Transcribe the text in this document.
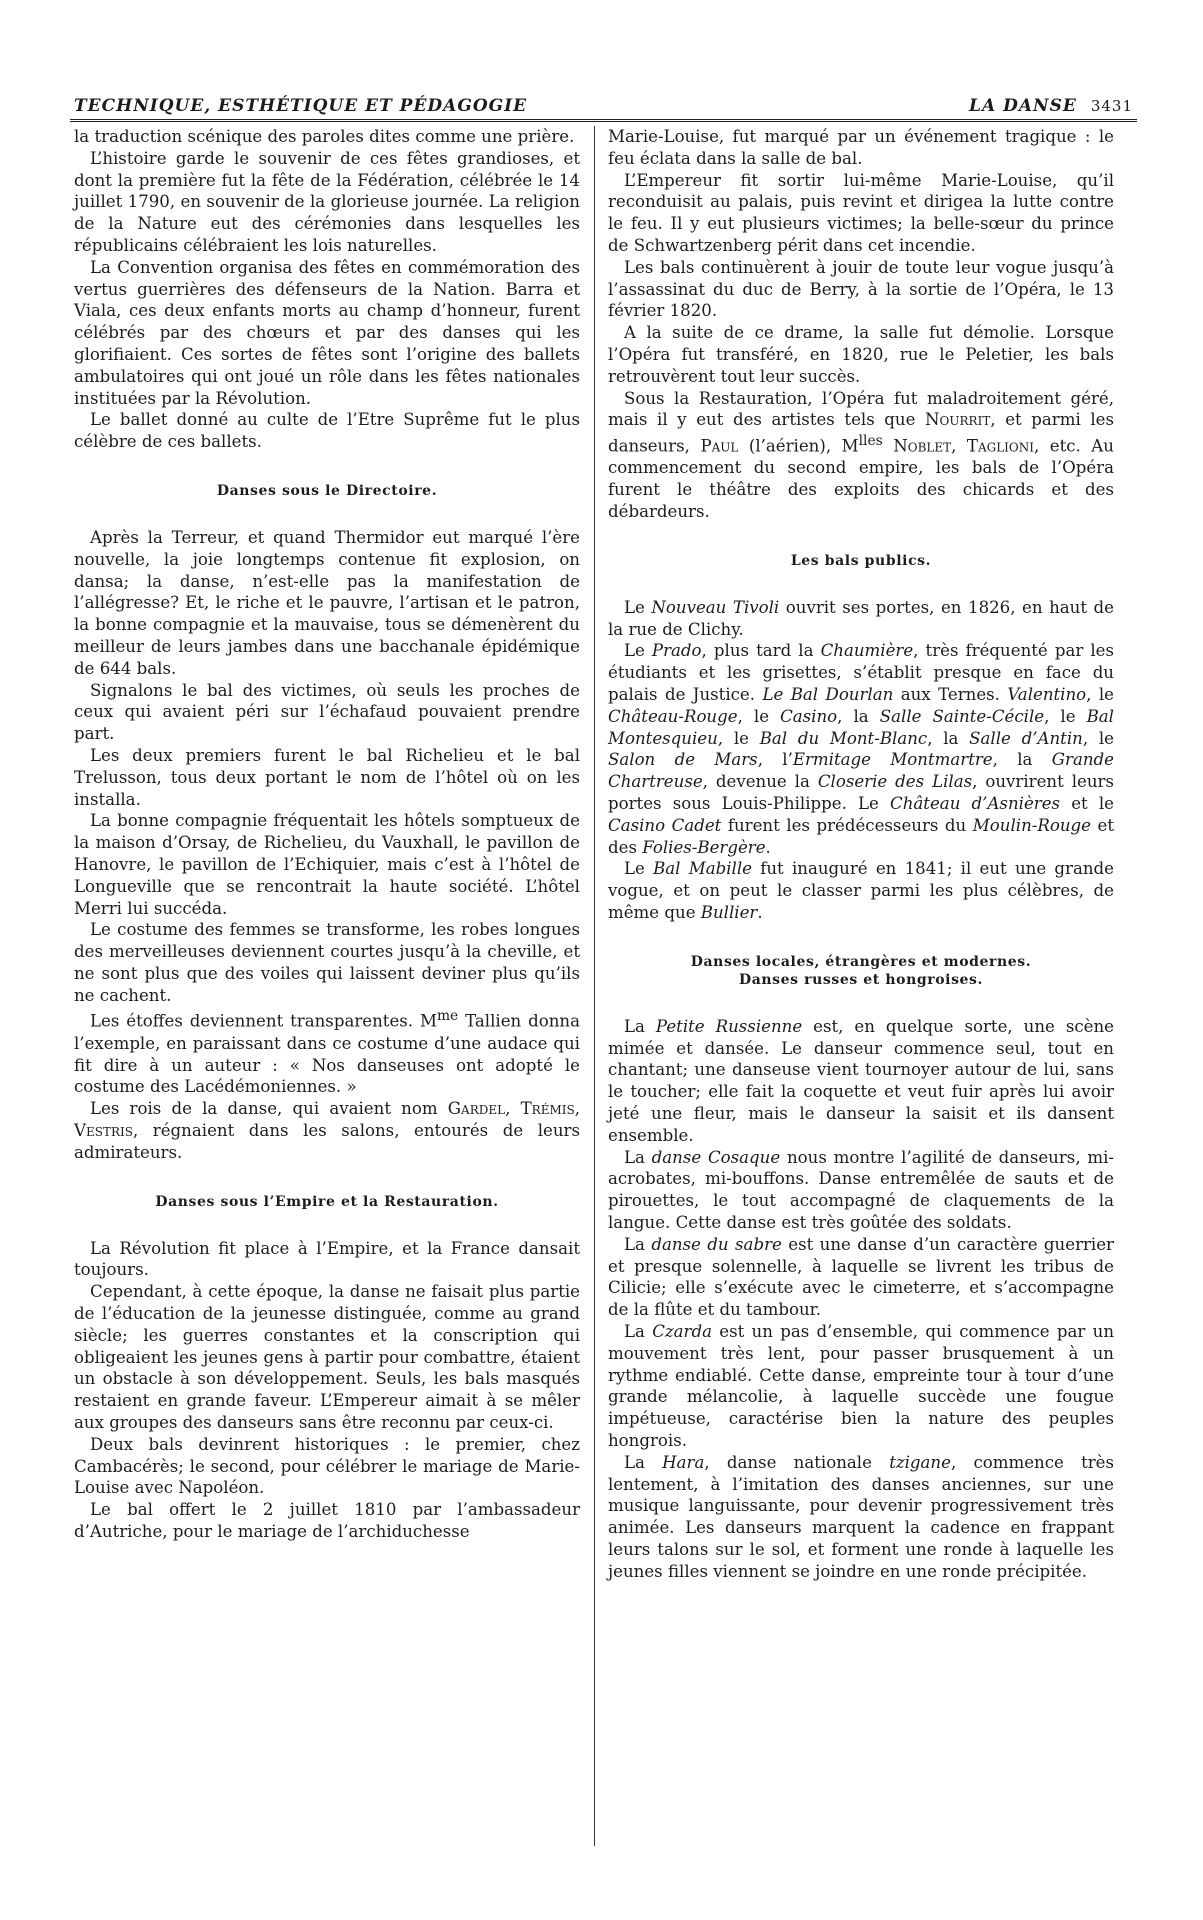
TECHNIQUE, ESTHÉTIQUE ET PÉDAGOGIE	LA DANSE 3431

la traduction scénique des paroles dites comme une prière.

L’histoire garde le souvenir de ces fêtes grandioses, et dont la première fut la fête de la Fédération, célébrée le 14 juillet 1790, en souvenir de la glorieuse journée. La religion de la Nature eut des cérémonies dans lesquelles les républicains célébraient les lois naturelles.

La Convention organisa des fêtes en commémoration des vertus guerrières des défenseurs de la Nation. Barra et Viala, ces deux enfants morts au champ d’honneur, furent célébrés par des chœurs et par des danses qui les glorifiaient. Ces sortes de fêtes sont l’origine des ballets ambulatoires qui ont joué un rôle dans les fêtes nationales instituées par la Révolution.

Le ballet donné au culte de l’Etre Suprême fut le plus célèbre de ces ballets.

Danses sous le Directoire.

Après la Terreur, et quand Thermidor eut marqué l’ère nouvelle, la joie longtemps contenue fit explosion, on dansa; la danse, n’est-elle pas la manifestation de l’allégresse? Et, le riche et le pauvre, l’artisan et le patron, la bonne compagnie et la mauvaise, tous se démenèrent du meilleur de leurs jambes dans une bacchanale épidémique de 644 bals.

Signalons le bal des victimes, où seuls les proches de ceux qui avaient péri sur l’échafaud pouvaient prendre part.

Les deux premiers furent le bal Richelieu et le bal Trelusson, tous deux portant le nom de l’hôtel où on les installa.

La bonne compagnie fréquentait les hôtels somptueux de la maison d’Orsay, de Richelieu, du Vauxhall, le pavillon de Hanovre, le pavillon de l’Echiquier, mais c’est à l’hôtel de Longueville que se rencontrait la haute société. L’hôtel Merri lui succéda.

Le costume des femmes se transforme, les robes longues des merveilleuses deviennent courtes jusqu’à la cheville, et ne sont plus que des voiles qui laissent deviner plus qu’ils ne cachent.

Les étoffes deviennent transparentes. $M^{me}$ Tallien donna l’exemple, en paraissant dans ce costume d’une audace qui fit dire à un auteur : « Nos danseuses ont adopté le costume des Lacédémoniennes. »

Les rois de la danse, qui avaient nom Gardel, Trémis, Vestris, régnaient dans les salons, entourés de leurs admirateurs.

Danses sous l’Empire et la Restauration.

La Révolution fit place à l’Empire, et la France dansait toujours.

Cependant, à cette époque, la danse ne faisait plus partie de l’éducation de la jeunesse distinguée, comme au grand siècle; les guerres constantes et la conscription qui obligeaient les jeunes gens à partir pour combattre, étaient un obstacle à son développement. Seuls, les bals masqués restaient en grande faveur. L’Empereur aimait à se mêler aux groupes des danseurs sans être reconnu par ceux-ci.

Deux bals devinrent historiques : le premier, chez Cambacérès; le second, pour célébrer le mariage de Marie-Louise avec Napoléon.

Le bal offert le 2 juillet 1810 par l’ambassadeur d’Autriche, pour le mariage de l’archiduchesse

Marie-Louise, fut marqué par un événement tragique : le feu éclata dans la salle de bal.

L’Empereur fit sortir lui-même Marie-Louise, qu’il reconduisit au palais, puis revint et dirigea la lutte contre le feu. Il y eut plusieurs victimes; la belle-sœur du prince de Schwartzenberg périt dans cet incendie.

Les bals continuèrent à jouir de toute leur vogue jusqu’à l’assassinat du duc de Berry, à la sortie de l’Opéra, le 13 février 1820.

A la suite de ce drame, la salle fut démolie. Lorsque l’Opéra fut transféré, en 1820, rue le Peletier, les bals retrouvèrent tout leur succès.

Sous la Restauration, l’Opéra fut maladroitement géré, mais il y eut des artistes tels que Nourrit, et parmi les danseurs, Paul (l’aérien), $M^{lles}$ Noblet, Taglioni, etc. Au commencement du second empire, les bals de l’Opéra furent le théâtre des exploits des chicards et des débardeurs.

Les bals publics.

Le Nouveau Tivoli ouvrit ses portes, en 1826, en haut de la rue de Clichy.

Le Prado, plus tard la Chaumière, très fréquenté par les étudiants et les grisettes, s’établit presque en face du palais de Justice. Le Bal Dourlan aux Ternes. Valentino, le Château-Rouge, le Casino, la Salle Sainte-Cécile, le Bal Montesquieu, le Bal du Mont-Blanc, la Salle d’Antin, le Salon de Mars, l’Ermitage Montmartre, la Grande Chartreuse, devenue la Closerie des Lilas, ouvrirent leurs portes sous Louis-Philippe. Le Château d’Asnières et le Casino Cadet furent les prédécesseurs du Moulin-Rouge et des Folies-Bergère.

Le Bal Mabille fut inauguré en 1841; il eut une grande vogue, et on peut le classer parmi les plus célèbres, de même que Bullier.

Danses locales, étrangères et modernes.
Danses russes et hongroises.

La Petite Russienne est, en quelque sorte, une scène mimée et dansée. Le danseur commence seul, tout en chantant; une danseuse vient tournoyer autour de lui, sans le toucher; elle fait la coquette et veut fuir après lui avoir jeté une fleur, mais le danseur la saisit et ils dansent ensemble.

La danse Cosaque nous montre l’agilité de danseurs, mi-acrobates, mi-bouffons. Danse entremêlée de sauts et de pirouettes, le tout accompagné de claquements de la langue. Cette danse est très goûtée des soldats.

La danse du sabre est une danse d’un caractère guerrier et presque solennelle, à laquelle se livrent les tribus de Cilicie; elle s’exécute avec le cimeterre, et s’accompagne de la flûte et du tambour.

La Czarda est un pas d’ensemble, qui commence par un mouvement très lent, pour passer brusquement à un rythme endiablé. Cette danse, empreinte tour à tour d’une grande mélancolie, à laquelle succède une fougue impétueuse, caractérise bien la nature des peuples hongrois.

La Hara, danse nationale tzigane, commence très lentement, à l’imitation des danses anciennes, sur une musique languissante, pour devenir progressivement très animée. Les danseurs marquent la cadence en frappant leurs talons sur le sol, et forment une ronde à laquelle les jeunes filles viennent se joindre en une ronde précipitée.
